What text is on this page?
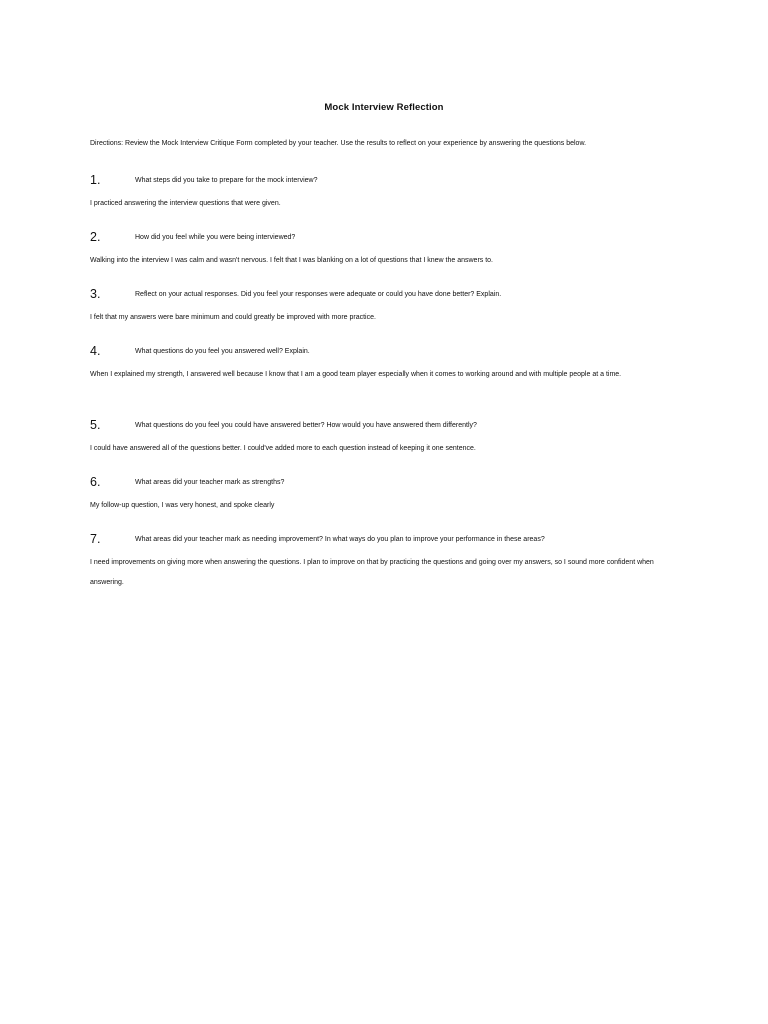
Mock Interview Reflection
Directions: Review the Mock Interview Critique Form completed by your teacher. Use the results to reflect on your experience by answering the questions below.
1.	What steps did you take to prepare for the mock interview?
I practiced answering the interview questions that were given.
2.	How did you feel while you were being interviewed?
Walking into the interview I was calm and wasn't nervous. I felt that I was blanking on a lot of questions that I knew the answers to.
3.	Reflect on your actual responses. Did you feel your responses were adequate or could you have done better? Explain.
I felt that my answers were bare minimum and could greatly be improved with more practice.
4.	What questions do you feel you answered well? Explain.
When I explained my strength, I answered well because I know that I am a good team player especially when it comes to working around and with multiple people at a time.
5.	What questions do you feel you could have answered better? How would you have answered them differently?
I could have answered all of the questions better. I could've added more to each question instead of keeping it one sentence.
6.	What areas did your teacher mark as strengths?
My follow-up question, I was very honest, and spoke clearly
7.	What areas did your teacher mark as needing improvement? In what ways do you plan to improve your performance in these areas?
I need improvements on giving more when answering the questions. I plan to improve on that by practicing the questions and going over my answers, so I sound more confident when answering.
